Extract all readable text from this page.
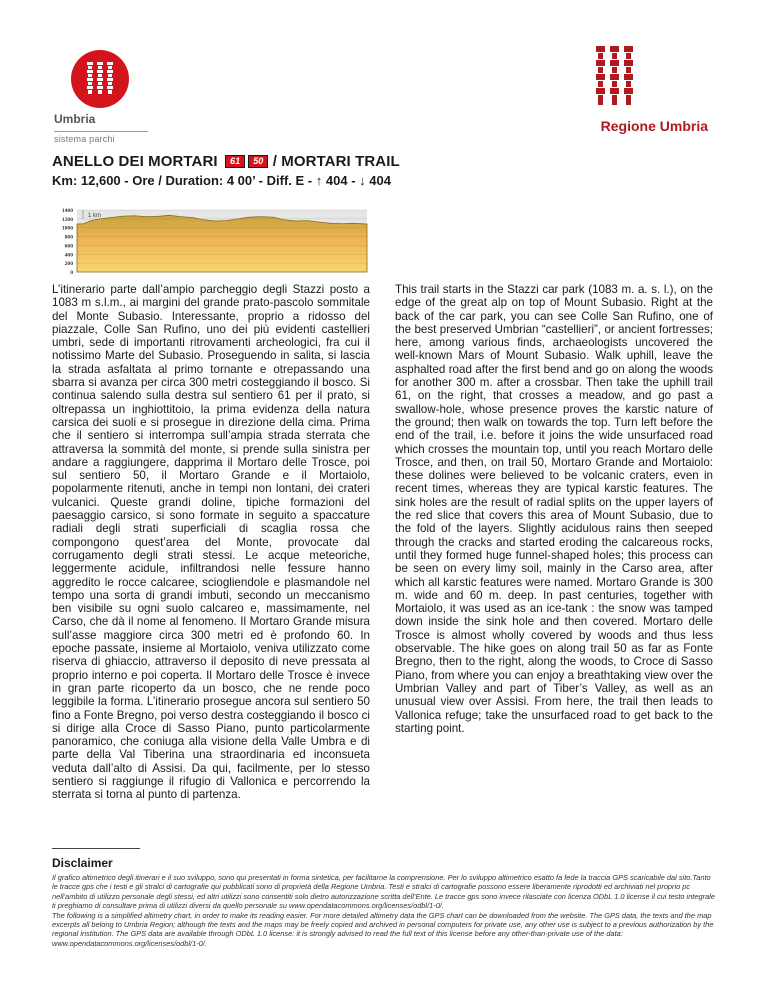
Umbria
sistema parchi
Regione Umbria
ANELLO DEI MORTARI 61 50 / MORTARI TRAIL
Km: 12,600 - Ore / Duration: 4 00’ - Diff. E - ↑ 404 - ↓ 404
1400
1200
1000
800
600
400
200
0
1 km
L’itinerario parte dall’ampio parcheggio degli Stazzi posto a 1083 m s.l.m., ai margini del grande prato-pascolo sommitale del Monte Subasio. Interessante, proprio a ridosso del piazzale, Colle San Rufino, uno dei più evidenti castellieri umbri, sede di importanti ritrovamenti archeologici, fra cui il notissimo Marte del Subasio. Proseguendo in salita, si lascia la strada asfaltata al primo tornante e otrepassando una sbarra si avanza per circa 300 metri costeggiando il bosco. Si continua salendo sulla destra sul sentiero 61 per il prato, si oltrepassa un inghiottitoio, la prima evidenza della natura carsica dei suoli e si prosegue in direzione della cima. Prima che il sentiero si interrompa sull’ampia strada sterrata che attraversa la sommità del monte, si prende sulla sinistra per andare a raggiungere, dapprima il Mortaro delle Trosce, poi sul sentiero 50, il Mortaro Grande e il Mortaiolo, popolarmente ritenuti, anche in tempi non lontani, dei crateri vulcanici. Queste grandi doline, tipiche formazioni del paesaggio carsico, si sono formate in seguito a spaccature radiali degli strati superficiali di scaglia rossa che compongono quest’area del Monte, provocate dal corrugamento degli strati stessi. Le acque meteoriche, leggermente acidule, infiltrandosi nelle fessure hanno aggredito le rocce calcaree, sciogliendole e plasmandole nel tempo una sorta di grandi imbuti, secondo un meccanismo ben visibile su ogni suolo calcareo e, massimamente, nel Carso, che dà il nome al fenomeno. Il Mortaro Grande misura sull’asse maggiore circa 300 metri ed è profondo 60. In epoche passate, insieme al Mortaiolo, veniva utilizzato come riserva di ghiaccio, attraverso il deposito di neve pressata al proprio interno e poi coperta. Il Mortaro delle Trosce è invece in gran parte ricoperto da un bosco, che ne rende poco leggibile la forma. L’itinerario prosegue ancora sul sentiero 50 fino a Fonte Bregno, poi verso destra costeggiando il bosco ci si dirige alla Croce di Sasso Piano, punto particolarmente panoramico, che coniuga alla visione della Valle Umbra e di parte della Val Tiberina una straordinaria ed inconsueta veduta dall’alto di Assisi. Da qui, facilmente, per lo stesso sentiero si raggiunge il rifugio di Vallonica e percorrendo la sterrata si torna al punto di partenza.
This trail starts in the Stazzi car park (1083 m. a. s. l.), on the edge of the great alp on top of Mount Subasio. Right at the back of the car park, you can see Colle San Rufino, one of the best preserved Umbrian “castellieri”, or ancient fortresses; here, among various finds, archaeologists uncovered the well-known Mars of Mount Subasio. Walk uphill, leave the asphalted road after the first bend and go on along the woods for another 300 m. after a crossbar. Then take the uphill trail 61, on the right, that crosses a meadow, and go past a swallow-hole, whose presence proves the karstic nature of the ground; then walk on towards the top. Turn left before the end of the trail, i.e. before it joins the wide unsurfaced road which crosses the mountain top, until you reach Mortaro delle Trosce, and then, on trail 50, Mortaro Grande and Mortaiolo: these dolines were believed to be volcanic craters, even in recent times, whereas they are typical karstic features. The sink holes are the result of radial splits on the upper layers of the red slice that covers this area of Mount Subasio, due to the fold of the layers. Slightly acidulous rains then seeped through the cracks and started eroding the calcareous rocks, until they formed huge funnel-shaped holes; this process can be seen on every limy soil, mainly in the Carso area, after which all karstic features were named. Mortaro Grande is 300 m. wide and 60 m. deep. In past centuries, together with Mortaiolo, it was used as an ice-tank : the snow was tamped down inside the sink hole and then covered. Mortaro delle Trosce is almost wholly covered by woods and thus less observable. The hike goes on along trail 50 as far as Fonte Bregno, then to the right, along the woods, to Croce di Sasso Piano, from where you can enjoy a breathtaking view over the Umbrian Valley and part of Tiber’s Valley, as well as an unusual view over Assisi. From here, the trail then leads to Vallonica refuge; take the unsurfaced road to get back to the starting point.
Disclaimer

Il grafico altimetrico degli itinerari e il suo sviluppo, sono qui presentati in forma sintetica, per facilitarne la comprensione. Per lo sviluppo altimetrico esatto fa fede la traccia GPS scaricabile dal sito.Tanto le tracce gps che i testi e gli stralci di cartografie qui pubblicati sono di proprietà della Regione Umbria. Testi e stralci di cartografie possono essere liberamente riprodotti ed archiviati nel proprio pc nell’ambito di utilizzo personale degli stessi, ed altri utilizzi sono consentiti solo dietro autorizzazione scritta dell’Ente. Le tracce gps sono invece rilasciate con licenza ODbL 1.0 license il cui testo integrale ti preghiamo di consultare prima di utilizzi diversi da quello personale su www.opendatacommons.org/licenses/odbl/1-0/.

The following is a simplified altimetry chart, in order to make its reading easier. For more detailed altimetry data the GPS chart can be downloaded from the website. The GPS data, the texts and the map excerpts all belong to Umbria Region; although the texts and the maps may be freely copied and archived in personal computers for private use, any other use is subject to a previous authorization by the regional institution. The GPS data are available through ODbL 1.0 license: it is strongly advised to read the full text of this license before any other-than-private use of the data: www.opendatacommons.org/licenses/odbl/1-0/.
